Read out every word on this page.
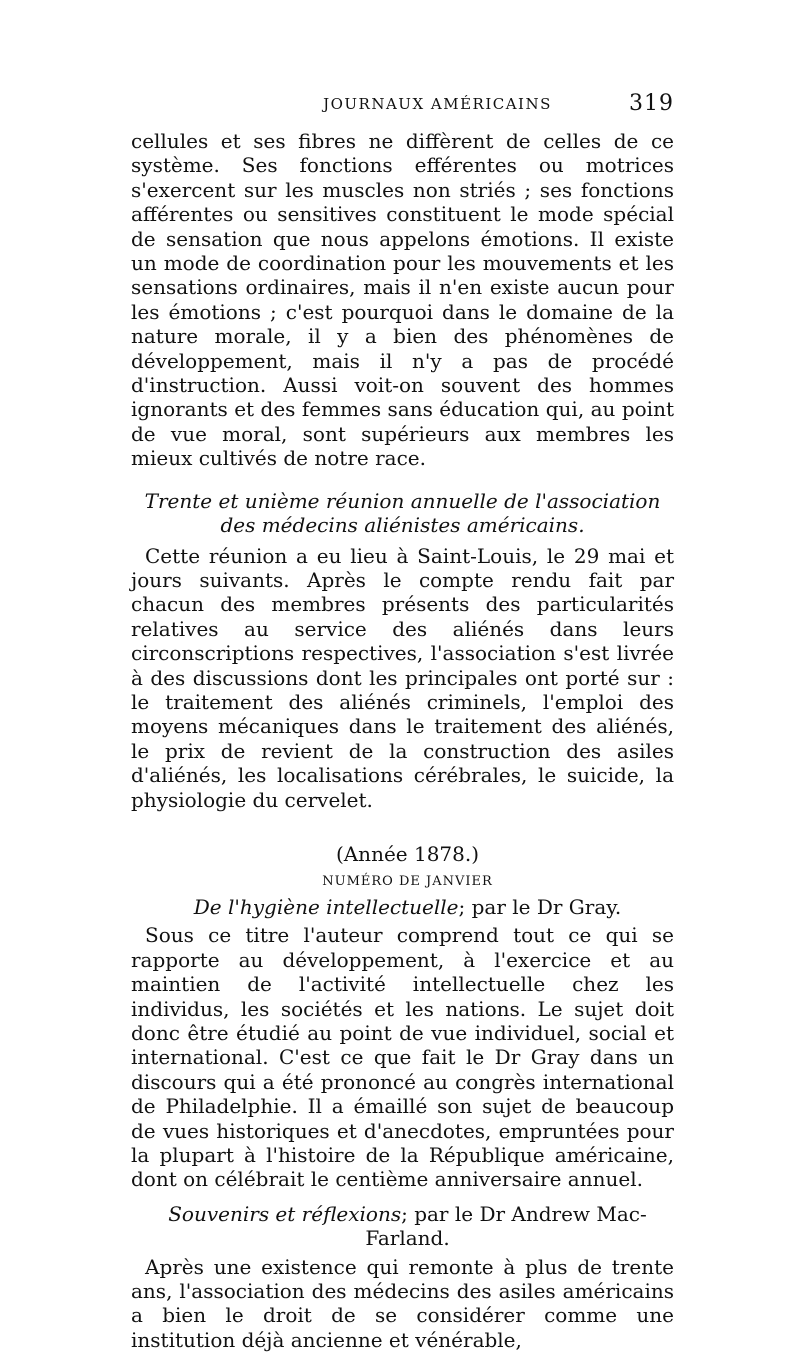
JOURNAUX AMÉRICAINS	319

cellules et ses fibres ne diffèrent de celles de ce système. Ses fonctions efférentes ou motrices s'exercent sur les muscles non striés ; ses fonctions afférentes ou sensitives constituent le mode spécial de sensation que nous appelons émotions. Il existe un mode de coordination pour les mouvements et les sensations ordinaires, mais il n'en existe aucun pour les émotions ; c'est pourquoi dans le domaine de la nature morale, il y a bien des phénomènes de développement, mais il n'y a pas de procédé d'instruction. Aussi voit-on souvent des hommes ignorants et des femmes sans éducation qui, au point de vue moral, sont supérieurs aux membres les mieux cultivés de notre race.

Trente et unième réunion annuelle de l'association des médecins aliénistes américains.

Cette réunion a eu lieu à Saint-Louis, le 29 mai et jours suivants. Après le compte rendu fait par chacun des membres présents des particularités relatives au service des aliénés dans leurs circonscriptions respectives, l'association s'est livrée à des discussions dont les principales ont porté sur : le traitement des aliénés criminels, l'emploi des moyens mécaniques dans le traitement des aliénés, le prix de revient de la construction des asiles d'aliénés, les localisations cérébrales, le suicide, la physiologie du cervelet.

(Année 1878.)
NUMÉRO DE JANVIER
De l'hygiène intellectuelle; par le Dr Gray.

Sous ce titre l'auteur comprend tout ce qui se rapporte au développement, à l'exercice et au maintien de l'activité intellectuelle chez les individus, les sociétés et les nations. Le sujet doit donc être étudié au point de vue individuel, social et international. C'est ce que fait le Dr Gray dans un discours qui a été prononcé au congrès international de Philadelphie. Il a émaillé son sujet de beaucoup de vues historiques et d'anecdotes, empruntées pour la plupart à l'histoire de la République américaine, dont on célébrait le centième anniversaire annuel.

Souvenirs et réflexions; par le Dr Andrew Mac-Farland.

Après une existence qui remonte à plus de trente ans, l'association des médecins des asiles américains a bien le droit de se considérer comme une institution déjà ancienne et vénérable,
